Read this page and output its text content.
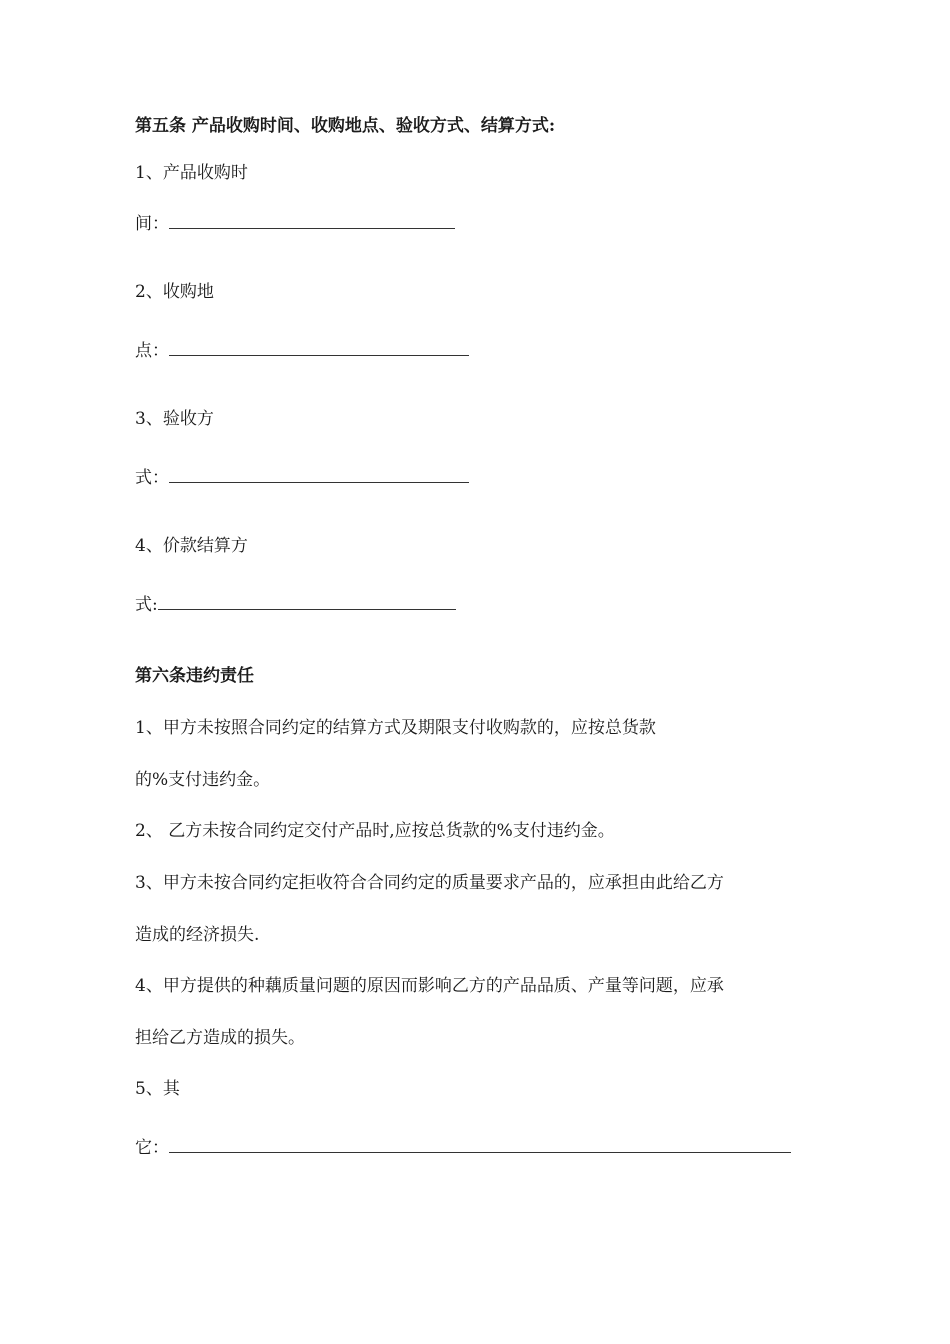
第五条 产品收购时间、收购地点、验收方式、结算方式:
1、产品收购时
间：
2、收购地
点：
3、验收方
式：
4、价款结算方
式:
第六条违约责任
1、甲方未按照合同约定的结算方式及期限支付收购款的，应按总货款
的%支付违约金。
2、 乙方未按合同约定交付产品时,应按总货款的%支付违约金。
3、甲方未按合同约定拒收符合合同约定的质量要求产品的，应承担由此给乙方
造成的经济损失.
4、甲方提供的种藕质量问题的原因而影响乙方的产品品质、产量等问题，应承
担给乙方造成的损失。
5、其
它：
